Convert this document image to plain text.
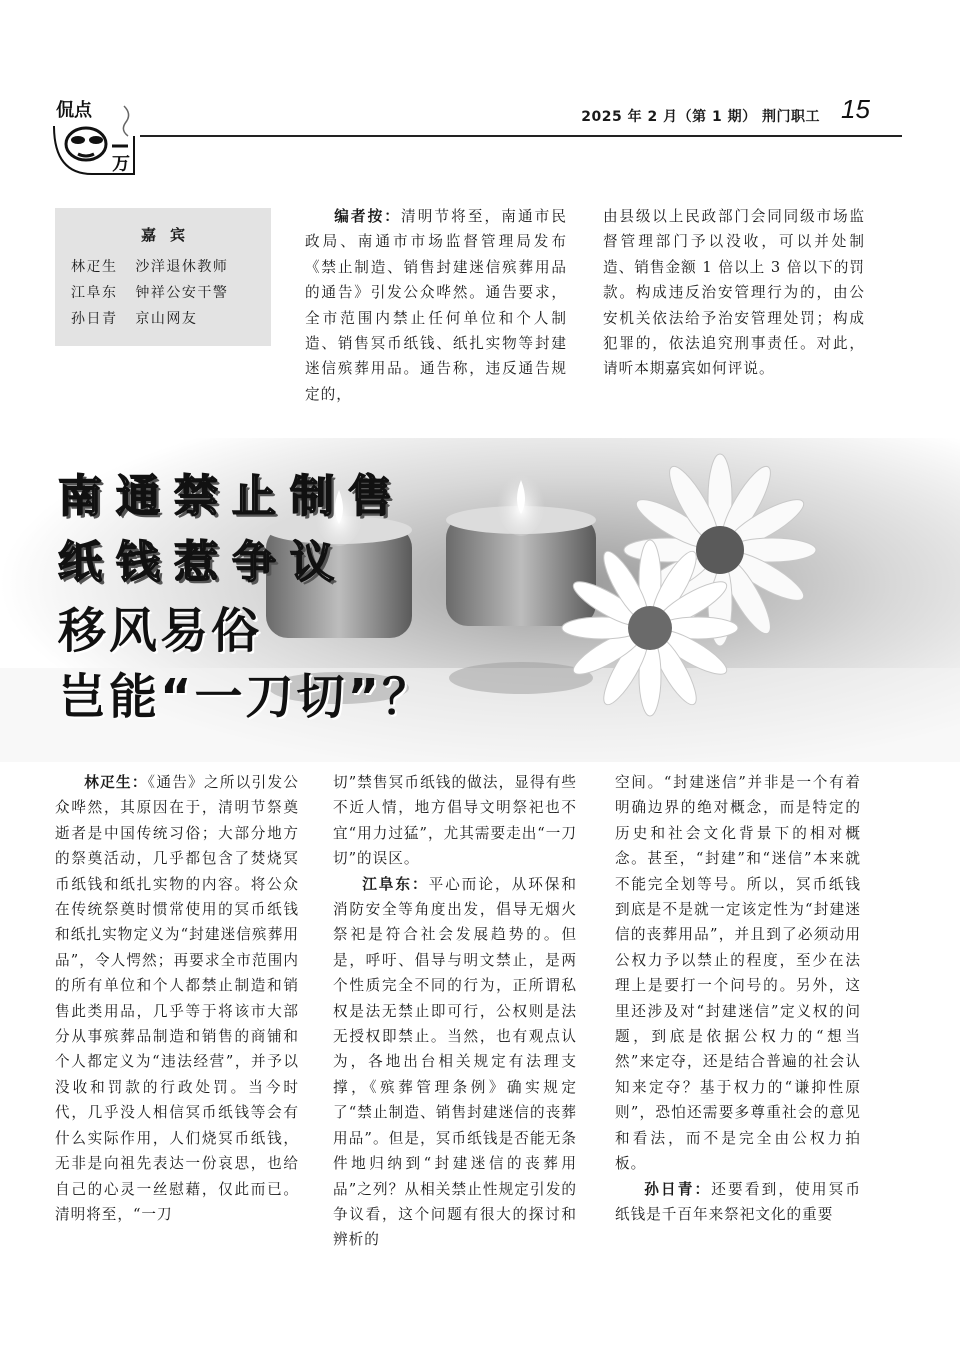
侃点
万
2025 年 2 月（第 1 期） 荆门职工 15
嘉宾
林疋生 沙洋退休教师
江阜东 钟祥公安干警
孙日青 京山网友

编者按：清明节将至，南通市民政局、南通市市场监督管理局发布《禁止制造、销售封建迷信殡葬用品的通告》引发公众哗然。通告要求，全市范围内禁止任何单位和个人制造、销售冥币纸钱、纸扎实物等封建迷信殡葬用品。通告称，违反通告规定的，

由县级以上民政部门会同同级市场监督管理部门予以没收，可以并处制造、销售金额 1 倍以上 3 倍以下的罚款。构成违反治安管理行为的，由公安机关依法给予治安管理处罚；构成犯罪的，依法追究刑事责任。对此，请听本期嘉宾如何评说。

南通禁止制售
纸钱惹争议
移风易俗
岂能“一刀切”？

林疋生：《通告》之所以引发公众哗然，其原因在于，清明节祭奠逝者是中国传统习俗；大部分地方的祭奠活动，几乎都包含了焚烧冥币纸钱和纸扎实物的内容。将公众在传统祭奠时惯常使用的冥币纸钱和纸扎实物定义为“封建迷信殡葬用品”，令人愕然；再要求全市范围内的所有单位和个人都禁止制造和销售此类用品，几乎等于将该市大部分从事殡葬品制造和销售的商铺和个人都定义为“违法经营”，并予以没收和罚款的行政处罚。当今时代，几乎没人相信冥币纸钱等会有什么实际作用，人们烧冥币纸钱，无非是向祖先表达一份哀思，也给自己的心灵一丝慰藉，仅此而已。清明将至，“一刀

切”禁售冥币纸钱的做法，显得有些不近人情，地方倡导文明祭祀也不宜“用力过猛”，尤其需要走出“一刀切”的误区。

江阜东：平心而论，从环保和消防安全等角度出发，倡导无烟火祭祀是符合社会发展趋势的。但是，呼吁、倡导与明文禁止，是两个性质完全不同的行为，正所谓私权是法无禁止即可行，公权则是法无授权即禁止。当然，也有观点认为，各地出台相关规定有法理支撑，《殡葬管理条例》确实规定了“禁止制造、销售封建迷信的丧葬用品”。但是，冥币纸钱是否能无条件地归纳到“封建迷信的丧葬用品”之列？从相关禁止性规定引发的争议看，这个问题有很大的探讨和辨析的

空间。“封建迷信”并非是一个有着明确边界的绝对概念，而是特定的历史和社会文化背景下的相对概念。甚至，“封建”和“迷信”本来就不能完全划等号。所以，冥币纸钱到底是不是就一定该定性为“封建迷信的丧葬用品”，并且到了必须动用公权力予以禁止的程度，至少在法理上是要打一个问号的。另外，这里还涉及对“封建迷信”定义权的问题，到底是依据公权力的“想当然”来定夺，还是结合普遍的社会认知来定夺？基于权力的“谦抑性原则”，恐怕还需要多尊重社会的意见和看法，而不是完全由公权力拍板。

孙日青：还要看到，使用冥币纸钱是千百年来祭祀文化的重要
